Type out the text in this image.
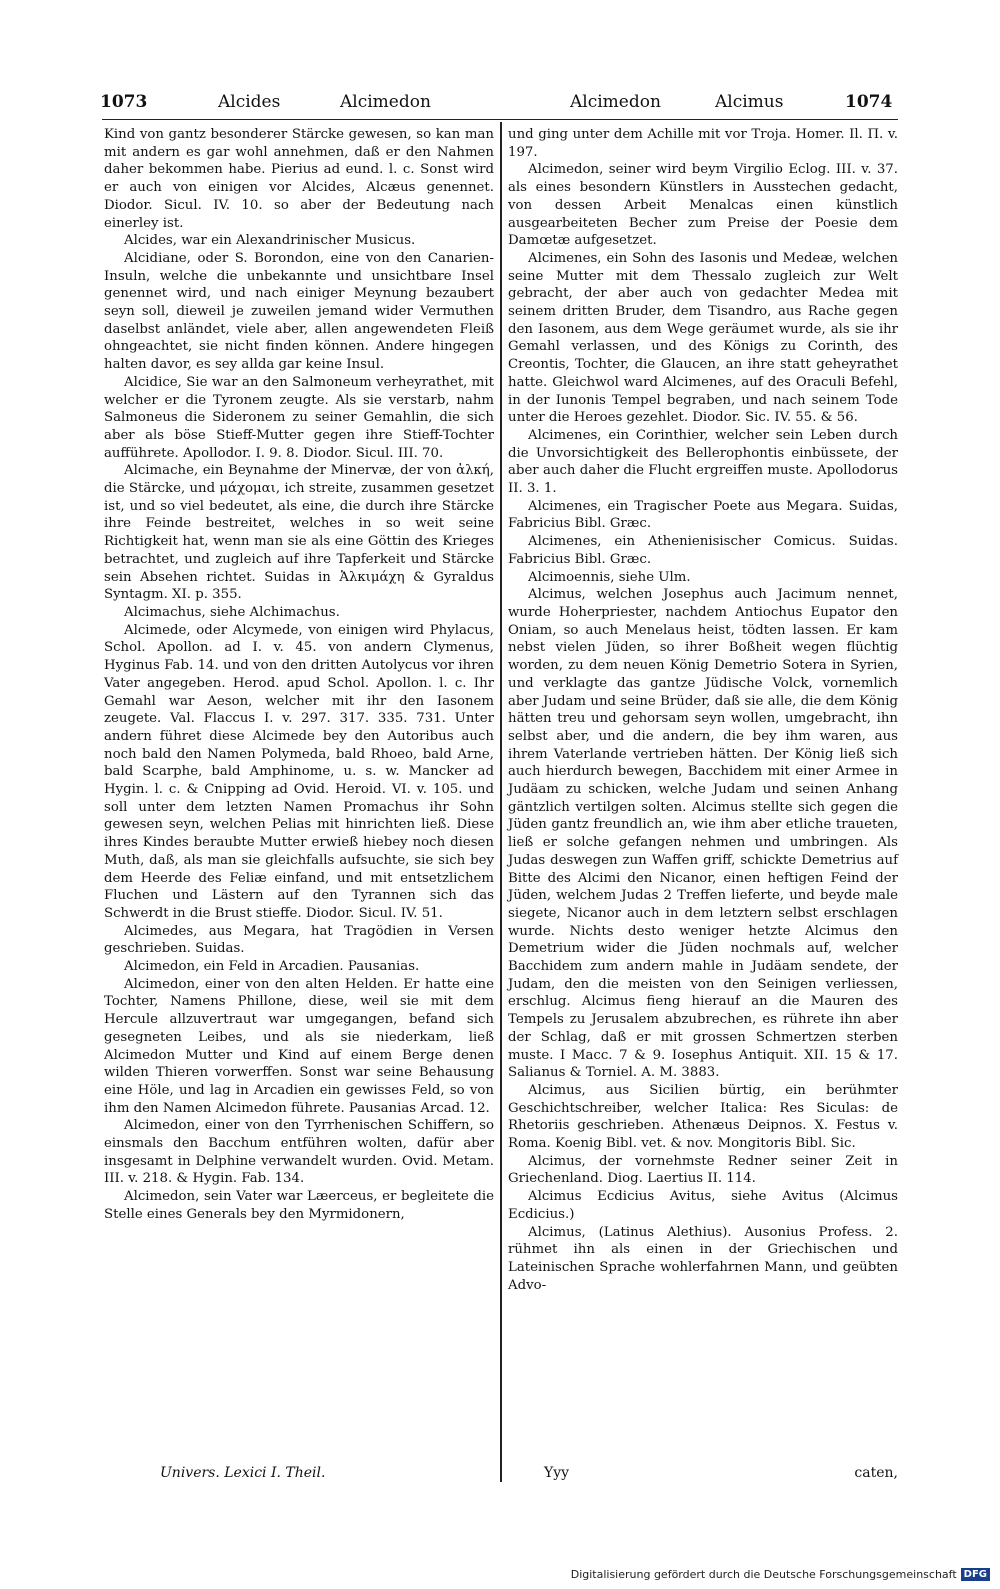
1073	Alcides	Alcimedon	Alcimedon	Alcimus	1074

Kind von gantz besonderer Stärcke gewesen, so kan man mit andern es gar wohl annehmen, daß er den Nahmen daher bekommen habe. Pierius ad eund. l. c. Sonst wird er auch von einigen vor Alcides, Alcæus genennet. Diodor. Sicul. IV. 10. so aber der Bedeutung nach einerley ist.

Alcides, war ein Alexandrinischer Musicus.

Alcidiane, oder S. Borondon, eine von den Canarien-Insuln, welche die unbekannte und unsichtbare Insel genennet wird, und nach einiger Meynung bezaubert seyn soll, dieweil je zuweilen jemand wider Vermuthen daselbst anländet, viele aber, allen angewendeten Fleiß ohngeachtet, sie nicht finden können. Andere hingegen halten davor, es sey allda gar keine Insul.

Alcidice, Sie war an den Salmoneum verheyrathet, mit welcher er die Tyronem zeugte. Als sie verstarb, nahm Salmoneus die Sideronem zu seiner Gemahlin, die sich aber als böse Stieff-Mutter gegen ihre Stieff-Tochter aufführete. Apollodor. I. 9. 8. Diodor. Sicul. III. 70.

Alcimache, ein Beynahme der Minervæ, der von ἀλκή, die Stärcke, und μάχομαι, ich streite, zusammen gesetzet ist, und so viel bedeutet, als eine, die durch ihre Stärcke ihre Feinde bestreitet, welches in so weit seine Richtigkeit hat, wenn man sie als eine Göttin des Krieges betrachtet, und zugleich auf ihre Tapferkeit und Stärcke sein Absehen richtet. Suidas in Ἀλκιμάχη & Gyraldus Syntagm. XI. p. 355.

Alcimachus, siehe Alchimachus.

Alcimede, oder Alcymede, von einigen wird Phylacus, Schol. Apollon. ad I. v. 45. von andern Clymenus, Hyginus Fab. 14. und von den dritten Autolycus vor ihren Vater angegeben. Herod. apud Schol. Apollon. l. c. Ihr Gemahl war Aeson, welcher mit ihr den Iasonem zeugete. Val. Flaccus I. v. 297. 317. 335. 731. Unter andern führet diese Alcimede bey den Autoribus auch noch bald den Namen Polymeda, bald Rhoeo, bald Arne, bald Scarphe, bald Amphinome, u. s. w. Mancker ad Hygin. l. c. & Cnipping ad Ovid. Heroid. VI. v. 105. und soll unter dem letzten Namen Promachus ihr Sohn gewesen seyn, welchen Pelias mit hinrichten ließ. Diese ihres Kindes beraubte Mutter erwieß hiebey noch diesen Muth, daß, als man sie gleichfalls aufsuchte, sie sich bey dem Heerde des Feliæ einfand, und mit entsetzlichem Fluchen und Lästern auf den Tyrannen sich das Schwerdt in die Brust stieffe. Diodor. Sicul. IV. 51.

Alcimedes, aus Megara, hat Tragödien in Versen geschrieben. Suidas.

Alcimedon, ein Feld in Arcadien. Pausanias.

Alcimedon, einer von den alten Helden. Er hatte eine Tochter, Namens Phillone, diese, weil sie mit dem Hercule allzuvertraut war umgegangen, befand sich gesegneten Leibes, und als sie niederkam, ließ Alcimedon Mutter und Kind auf einem Berge denen wilden Thieren vorwerffen. Sonst war seine Behausung eine Höle, und lag in Arcadien ein gewisses Feld, so von ihm den Namen Alcimedon führete. Pausanias Arcad. 12.

Alcimedon, einer von den Tyrrhenischen Schiffern, so einsmals den Bacchum entführen wolten, dafür aber insgesamt in Delphine verwandelt wurden. Ovid. Metam. III. v. 218. & Hygin. Fab. 134.

Alcimedon, sein Vater war Læerceus, er begleitete die Stelle eines Generals bey den Myrmidonern,

und ging unter dem Achille mit vor Troja. Homer. Il. Π. v. 197.

Alcimedon, seiner wird beym Virgilio Eclog. III. v. 37. als eines besondern Künstlers in Ausstechen gedacht, von dessen Arbeit Menalcas einen künstlich ausgearbeiteten Becher zum Preise der Poesie dem Damœtæ aufgesetzet.

Alcimenes, ein Sohn des Iasonis und Medeæ, welchen seine Mutter mit dem Thessalo zugleich zur Welt gebracht, der aber auch von gedachter Medea mit seinem dritten Bruder, dem Tisandro, aus Rache gegen den Iasonem, aus dem Wege geräumet wurde, als sie ihr Gemahl verlassen, und des Königs zu Corinth, des Creontis, Tochter, die Glaucen, an ihre statt geheyrathet hatte. Gleichwol ward Alcimenes, auf des Oraculi Befehl, in der Iunonis Tempel begraben, und nach seinem Tode unter die Heroes gezehlet. Diodor. Sic. IV. 55. & 56.

Alcimenes, ein Corinthier, welcher sein Leben durch die Unvorsichtigkeit des Bellerophontis einbüssete, der aber auch daher die Flucht ergreiffen muste. Apollodorus II. 3. 1.

Alcimenes, ein Tragischer Poete aus Megara. Suidas, Fabricius Bibl. Græc.

Alcimenes, ein Athenienisischer Comicus. Suidas. Fabricius Bibl. Græc.

Alcimoennis, siehe Ulm.

Alcimus, welchen Josephus auch Jacimum nennet, wurde Hoherpriester, nachdem Antiochus Eupator den Oniam, so auch Menelaus heist, tödten lassen. Er kam nebst vielen Jüden, so ihrer Boßheit wegen flüchtig worden, zu dem neuen König Demetrio Sotera in Syrien, und verklagte das gantze Jüdische Volck, vornemlich aber Judam und seine Brüder, daß sie alle, die dem König hätten treu und gehorsam seyn wollen, umgebracht, ihn selbst aber, und die andern, die bey ihm waren, aus ihrem Vaterlande vertrieben hätten. Der König ließ sich auch hierdurch bewegen, Bacchidem mit einer Armee in Judäam zu schicken, welche Judam und seinen Anhang gäntzlich vertilgen solten. Alcimus stellte sich gegen die Jüden gantz freundlich an, wie ihm aber etliche traueten, ließ er solche gefangen nehmen und umbringen. Als Judas deswegen zun Waffen griff, schickte Demetrius auf Bitte des Alcimi den Nicanor, einen heftigen Feind der Jüden, welchem Judas 2 Treffen lieferte, und beyde male siegete, Nicanor auch in dem letztern selbst erschlagen wurde. Nichts desto weniger hetzte Alcimus den Demetrium wider die Jüden nochmals auf, welcher Bacchidem zum andern mahle in Judäam sendete, der Judam, den die meisten von den Seinigen verliessen, erschlug. Alcimus fieng hierauf an die Mauren des Tempels zu Jerusalem abzubrechen, es rührete ihn aber der Schlag, daß er mit grossen Schmertzen sterben muste. I Macc. 7 & 9. Iosephus Antiquit. XII. 15 & 17. Salianus & Torniel. A. M. 3883.

Alcimus, aus Sicilien bürtig, ein berühmter Geschichtschreiber, welcher Italica: Res Siculas: de Rhetoriis geschrieben. Athenæus Deipnos. X. Festus v. Roma. Koenig Bibl. vet. & nov. Mongitoris Bibl. Sic.

Alcimus, der vornehmste Redner seiner Zeit in Griechenland. Diog. Laertius II. 114.

Alcimus Ecdicius Avitus, siehe Avitus (Alcimus Ecdicius.)

Alcimus, (Latinus Alethius). Ausonius Profess. 2. rühmet ihn als einen in der Griechischen und Lateinischen Sprache wohlerfahrnen Mann, und geübten Advo-

Univers. Lexici I. Theil.	Yyy	caten,
Digitalisierung gefördert durch die Deutsche Forschungsgemeinschaft DFG
